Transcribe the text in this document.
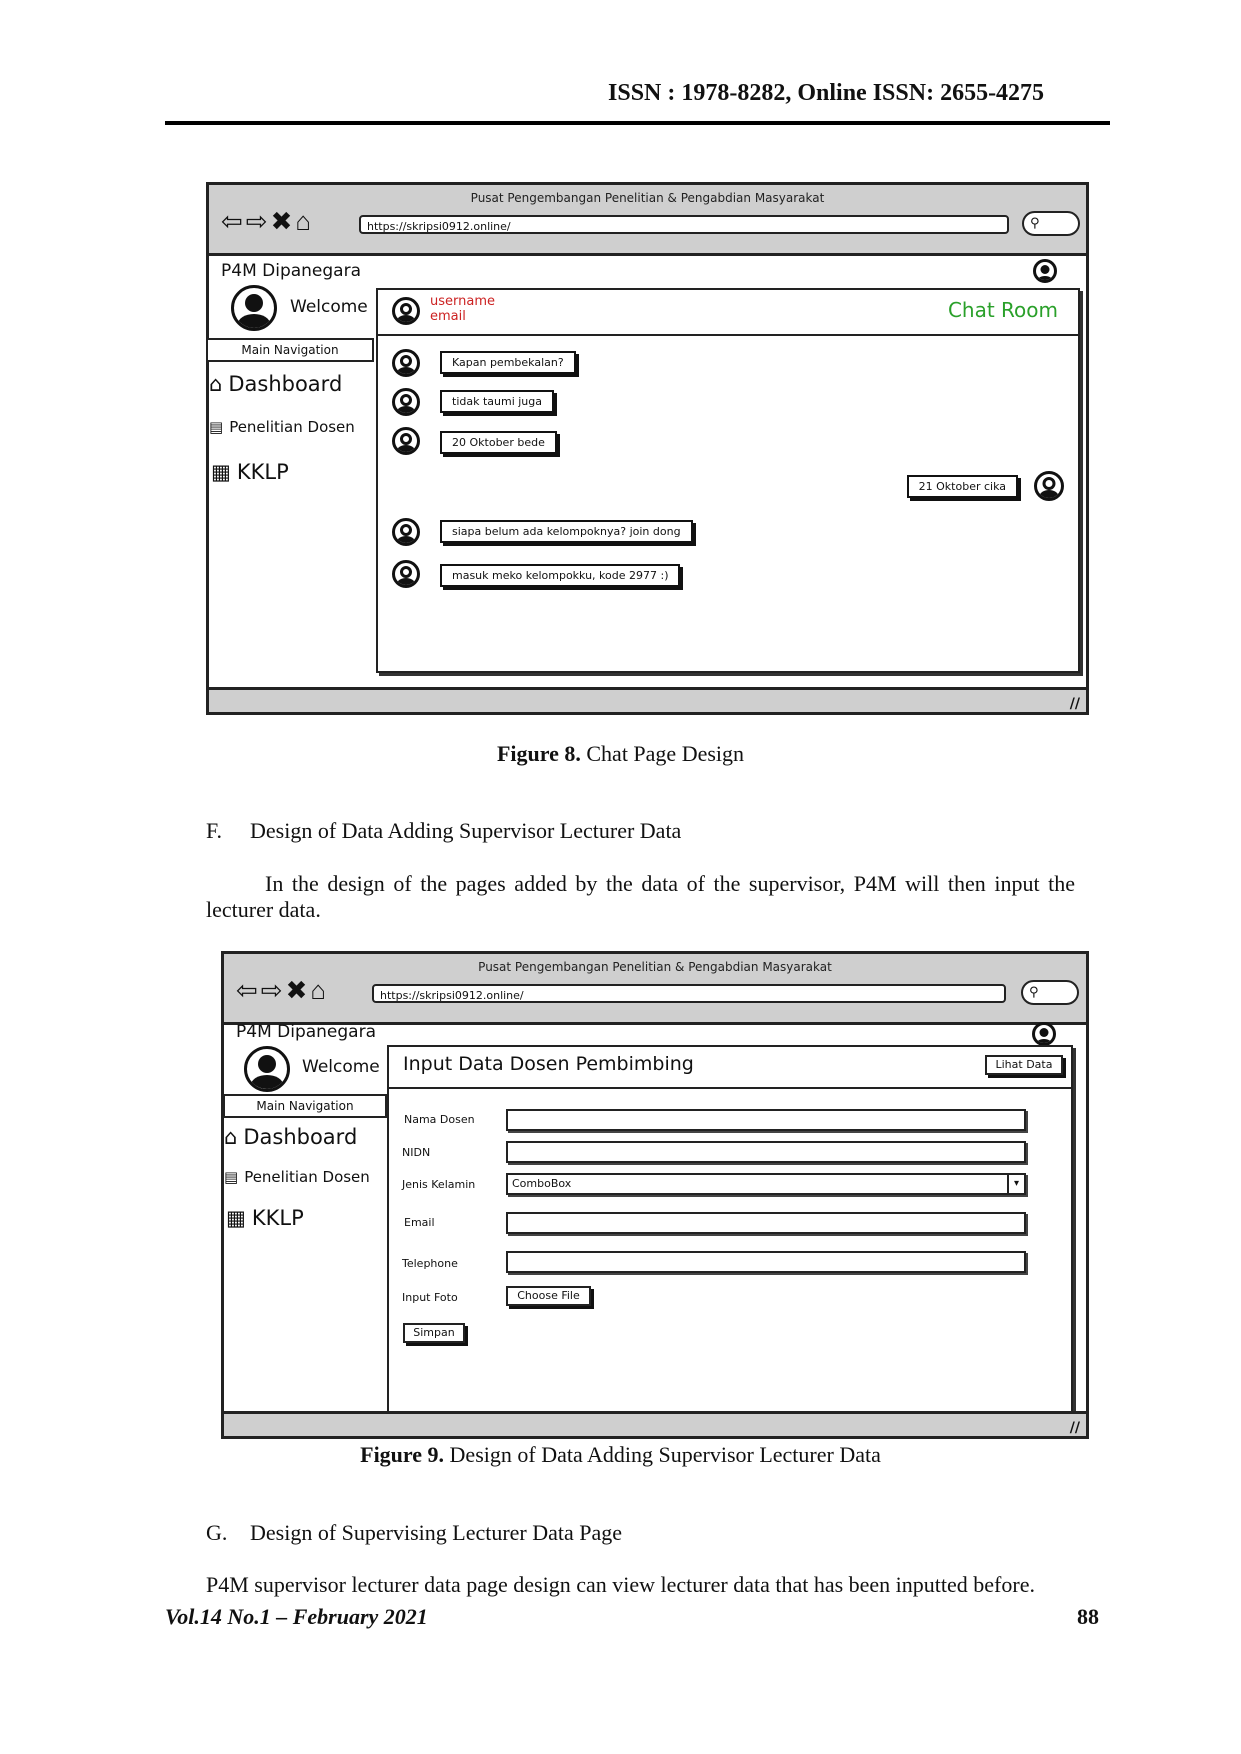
ISSN : 1978-8282, Online ISSN: 2655-4275
Pusat Pengembangan Penelitian & Pengabdian Masyarakat
⇦⇨✖⌂	https://skripsi0912.online/	⚲
P4M Dipanegara
Welcome
Main Navigation
⌂ Dashboard
▤ Penelitian Dosen
▦ KKLP
username
email	Chat Room
Kapan pembekalan?
tidak taumi juga
20 Oktober bede
21 Oktober cika
siapa belum ada kelompoknya? join dong
masuk meko kelompokku, kode 2977 :)
//
Figure 8. Chat Page Design
F. Design of Data Adding Supervisor Lecturer Data
In the design of the pages added by the data of the supervisor, P4M will then input the
lecturer data.
Pusat Pengembangan Penelitian & Pengabdian Masyarakat
⇦⇨✖⌂	https://skripsi0912.online/	⚲
P4M Dipanegara
Welcome
Main Navigation
⌂ Dashboard
▤ Penelitian Dosen
▦ KKLP
Input Data Dosen Pembimbing	Lihat Data
Nama Dosen
NIDN
Jenis Kelamin	ComboBox	▾
Email
Telephone
Input Foto	Choose File
Simpan
//
Figure 9. Design of Data Adding Supervisor Lecturer Data
G. Design of Supervising Lecturer Data Page
P4M supervisor lecturer data page design can view lecturer data that has been inputted before.
Vol.14 No.1 – February 2021	88
